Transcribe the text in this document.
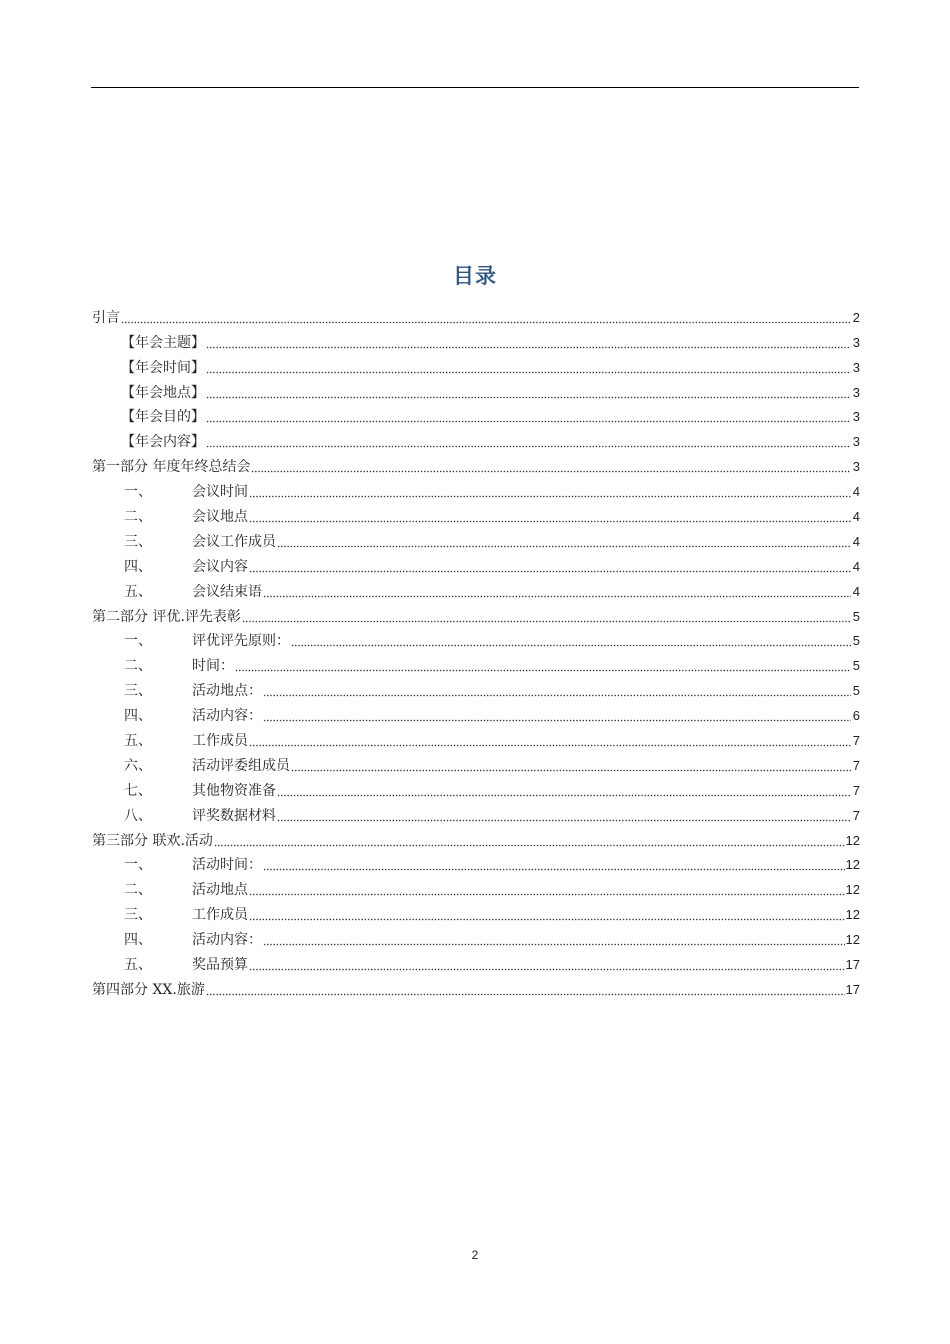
目录
引言	2
【年会主题】	3
【年会时间】	3
【年会地点】	3
【年会目的】	3
【年会内容】	3
第一部分 年度年终总结会	3
一、	会议时间	4
二、	会议地点	4
三、	会议工作成员	4
四、	会议内容	4
五、	会议结束语	4
第二部分 评优.评先表彰	5
一、	评优评先原则：	5
二、	时间：	5
三、	活动地点：	5
四、	活动内容：	6
五、	工作成员	7
六、	活动评委组成员	7
七、	其他物资准备	7
八、	评奖数据材料	7
第三部分 联欢.活动	12
一、	活动时间：	12
二、	活动地点	12
三、	工作成员	12
四、	活动内容：	12
五、	奖品预算	17
第四部分 XX.旅游	17
2
